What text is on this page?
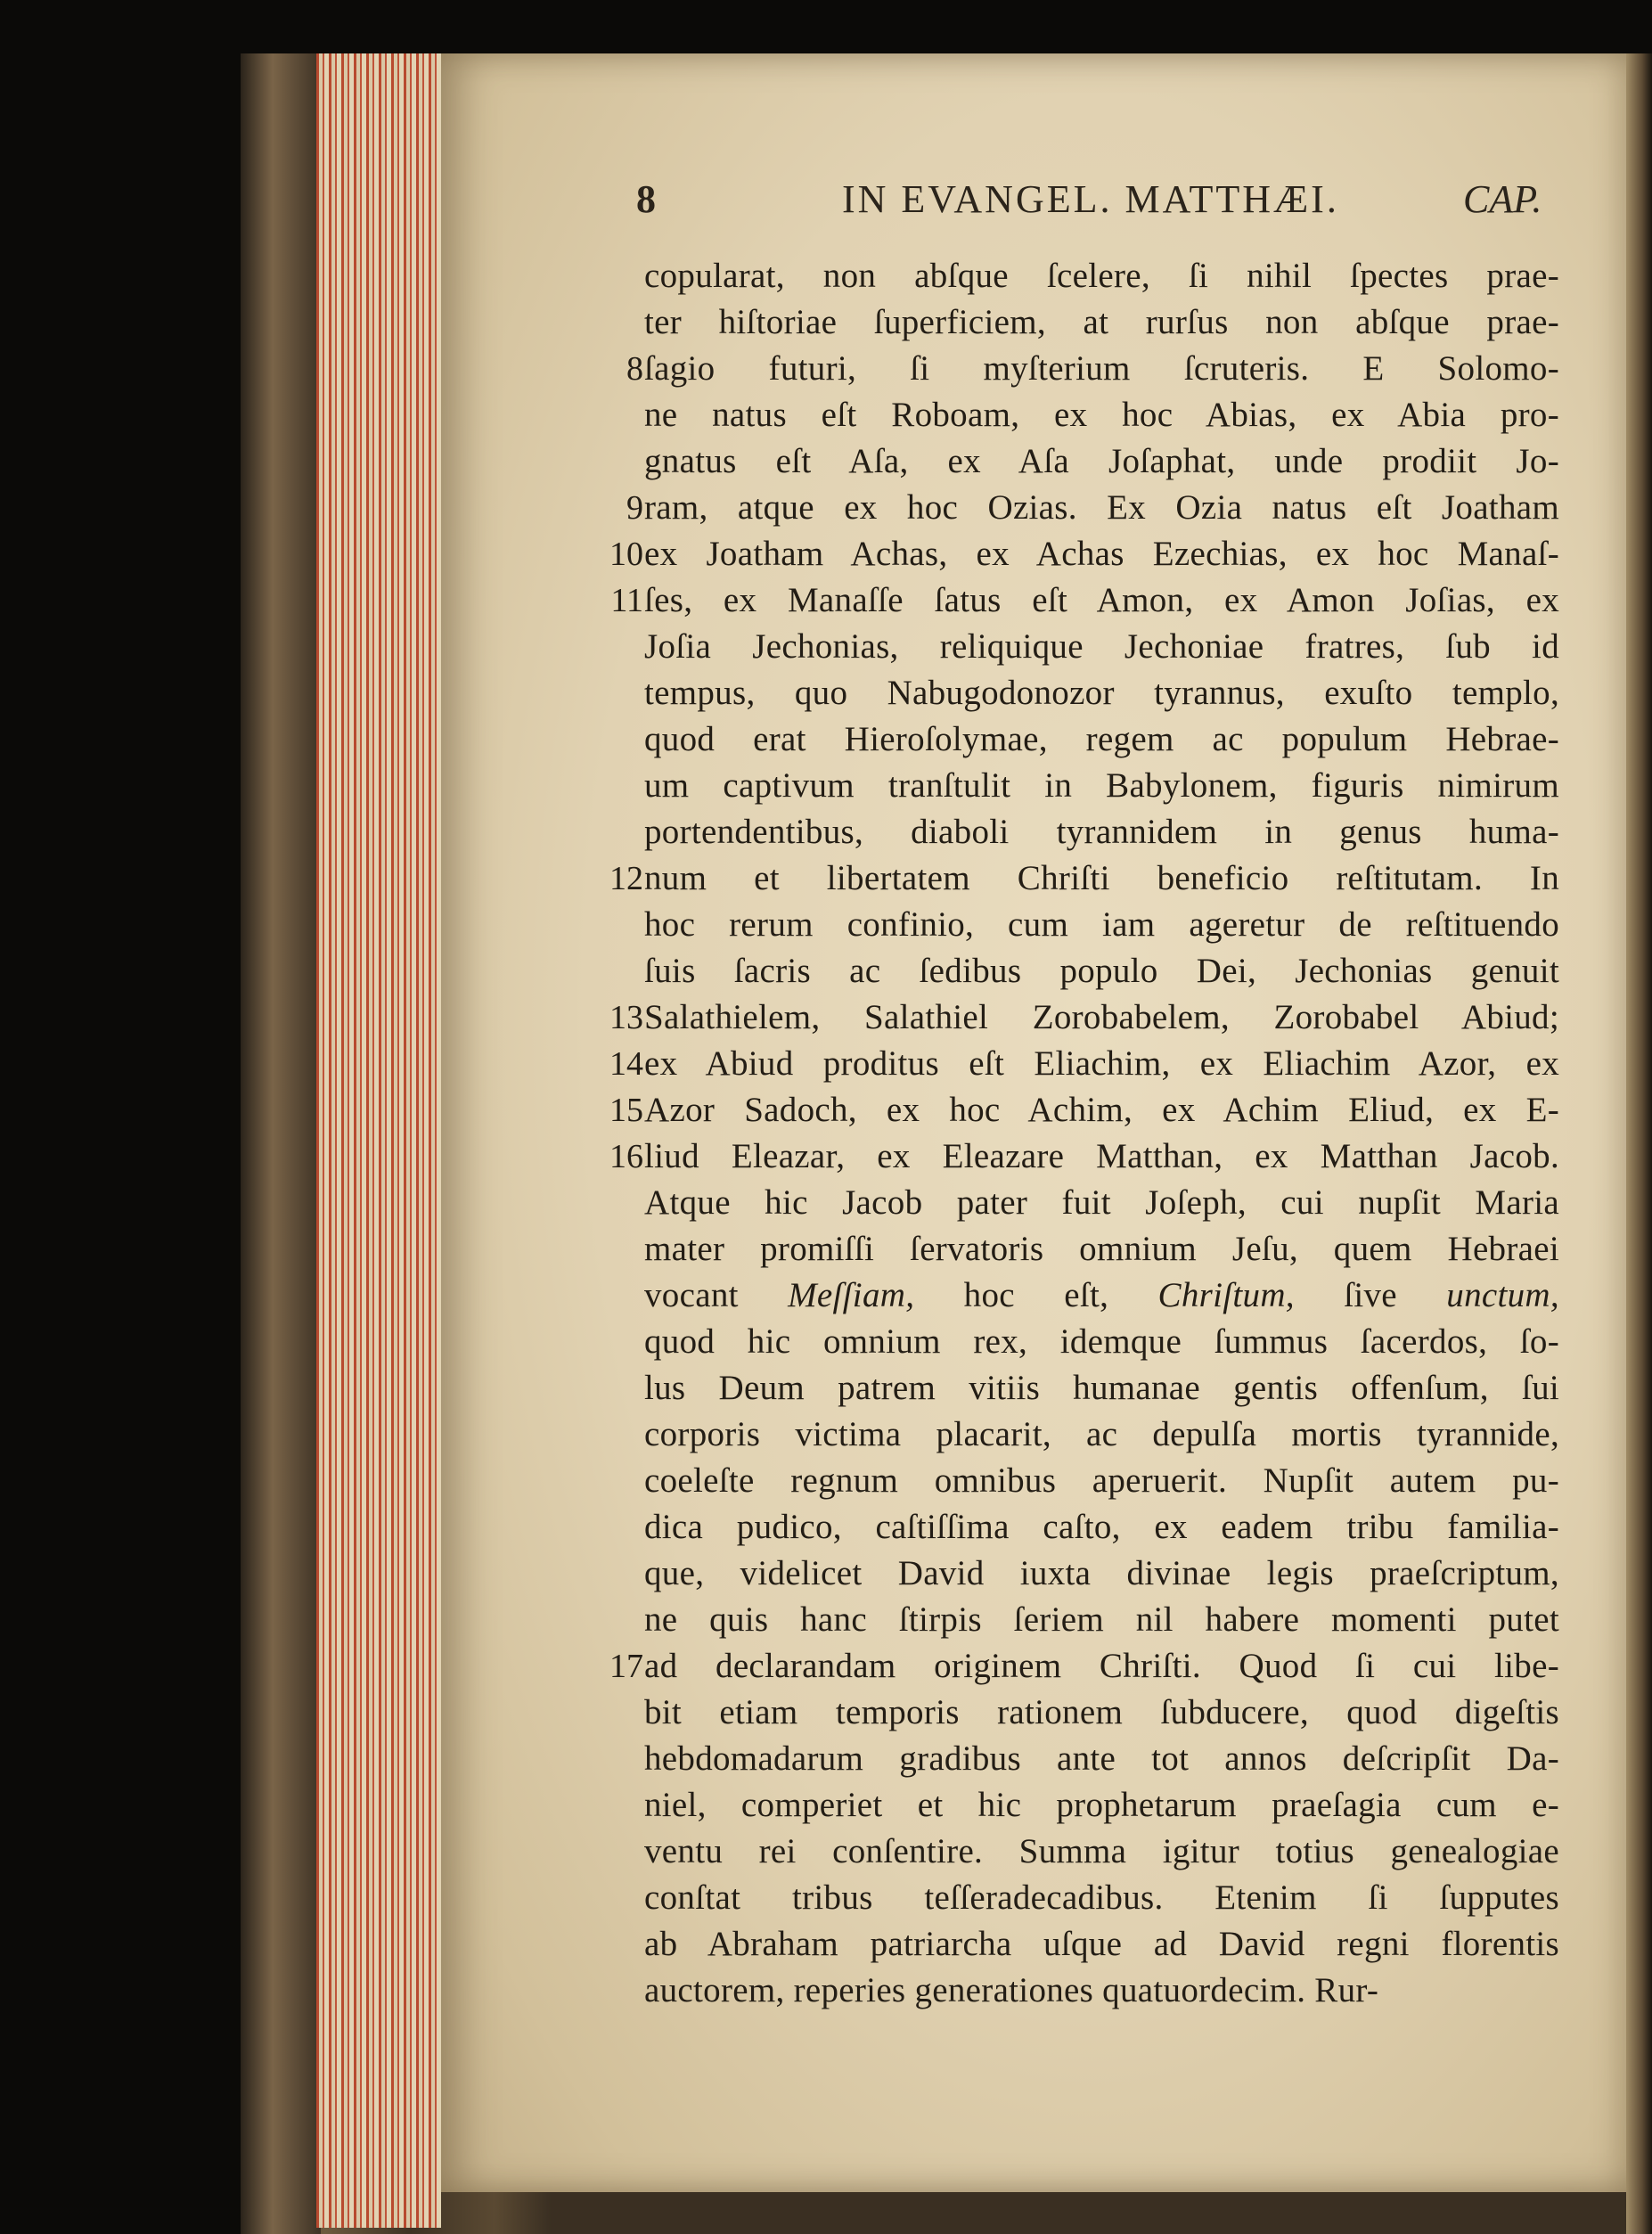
8	IN EVANGEL. MATTHÆI.	CAP.
copularat, non abſque ſcelere, ſi nihil ſpectes prae-
ter hiſtoriae ſuperficiem, at rurſus non abſque prae-
ſagio futuri, ſi myſterium ſcruteris. E Solomo-
ne natus eſt Roboam, ex hoc Abias, ex Abia pro-
gnatus eſt Aſa, ex Aſa Joſaphat, unde prodiit Jo-
ram, atque ex hoc Ozias. Ex Ozia natus eſt Joatham
ex Joatham Achas, ex Achas Ezechias, ex hoc Manaſ-
ſes, ex Manaſſe ſatus eſt Amon, ex Amon Joſias, ex
Joſia Jechonias, reliquique Jechoniae fratres, ſub id
tempus, quo Nabugodonozor tyrannus, exuſto templo,
quod erat Hieroſolymae, regem ac populum Hebrae-
um captivum tranſtulit in Babylonem, figuris nimirum
portendentibus, diaboli tyrannidem in genus huma-
num et libertatem Chriſti beneficio reſtitutam. In
hoc rerum confinio, cum iam ageretur de reſtituendo
ſuis ſacris ac ſedibus populo Dei, Jechonias genuit
Salathielem, Salathiel Zorobabelem, Zorobabel Abiud;
ex Abiud proditus eſt Eliachim, ex Eliachim Azor, ex
Azor Sadoch, ex hoc Achim, ex Achim Eliud, ex E-
liud Eleazar, ex Eleazare Matthan, ex Matthan Jacob.
Atque hic Jacob pater fuit Joſeph, cui nupſit Maria
mater promiſſi ſervatoris omnium Jeſu, quem Hebraei
vocant Meſſiam, hoc eſt, Chriſtum, ſive unctum,
quod hic omnium rex, idemque ſummus ſacerdos, ſo-
lus Deum patrem vitiis humanae gentis offenſum, ſui
corporis victima placarit, ac depulſa mortis tyrannide,
coeleſte regnum omnibus aperuerit. Nupſit autem pu-
dica pudico, caſtiſſima caſto, ex eadem tribu familia-
que, videlicet David iuxta divinae legis praeſcriptum,
ne quis hanc ſtirpis ſeriem nil habere momenti putet
ad declarandam originem Chriſti. Quod ſi cui libe-
bit etiam temporis rationem ſubducere, quod digeſtis
hebdomadarum gradibus ante tot annos deſcripſit Da-
niel, comperiet et hic prophetarum praeſagia cum e-
ventu rei conſentire. Summa igitur totius genealogiae
conſtat tribus teſſeradecadibus. Etenim ſi ſupputes
ab Abraham patriarcha uſque ad David regni florentis
auctorem, reperies generationes quatuordecim. Rur-
8
9
10
11
12
13
14
15
16
17
